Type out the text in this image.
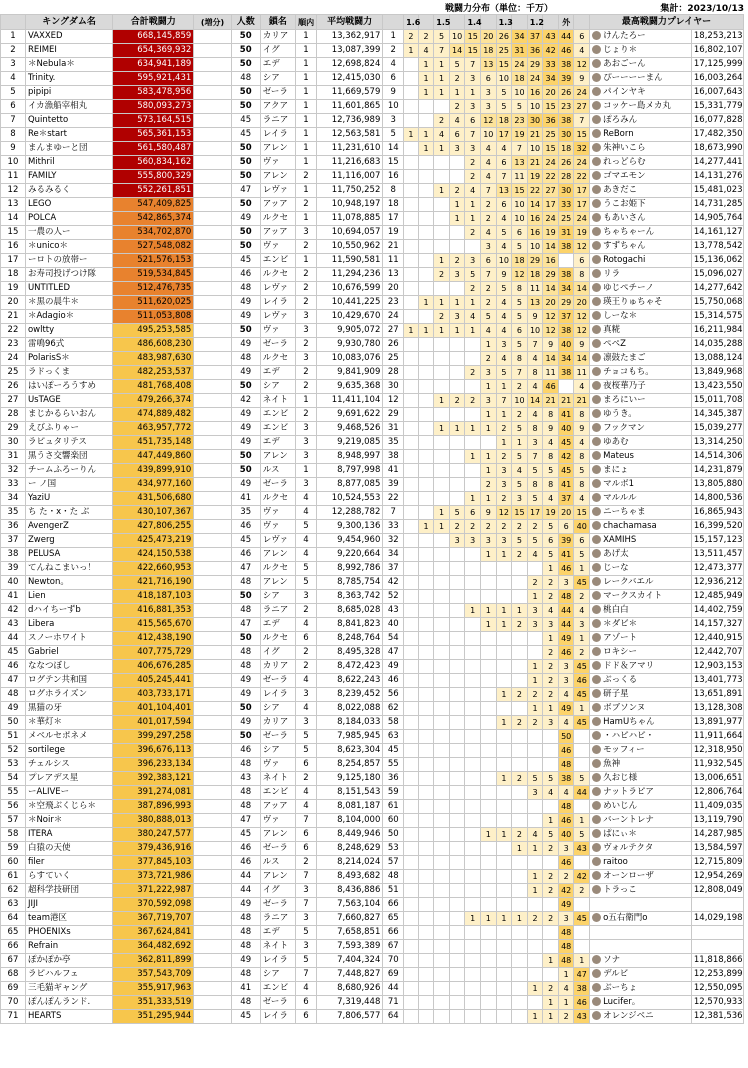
戦闘力分布（単位：千万）	集計：2023/10/13
	キングダム名	合計戦闘力	(増分)	人数	鎖名	順内	平均戦闘力		1.6		1.5		1.4		1.3		1.2		外		最高戦闘力プレイヤー	
1	VAXXED	668,145,859		50	カリア	1	13,362,917	1	2	2	5	10	15	20	26	34	37	43	44	6	けんたろー	18,253,213
2	REIMEI	654,369,932		50	イグ	1	13,087,399	2	1	4	7	14	15	18	25	31	36	42	46	4	じょり＊	16,802,107
3	＊Nebula＊	634,941,189		50	エデ	1	12,698,824	4		1	1	5	7	13	15	24	29	33	38	12	あおごーん	17,125,999
4	Trinity.	595,921,431		48	シア	1	12,415,030	6		1	1	2	3	6	10	18	24	34	39	9	ぴーーーーまん	16,003,264
5	pipipi	583,478,956		50	ゼーラ	1	11,669,579	9		1	1	1	1	3	5	10	16	20	26	24	パインヤキ	16,007,643
6	イカ漁船宰相丸	580,093,273		50	アクア	1	11,601,865	10				2	3	3	5	5	10	15	23	27	コッケー島メカ丸	15,331,779
7	Quintetto	573,164,515		45	ラニア	1	12,736,989	3			2	4	6	12	18	23	30	36	38	7	ぽろみん	16,077,828
8	Re＊start	565,361,153		45	レイラ	1	12,563,581	5	1	1	4	6	7	10	17	19	21	25	30	15	ReBorn	17,482,350
9	まんまゆーと団	561,580,487		50	アレン	1	11,231,610	14		1	1	3	3	4	4	7	10	15	18	32	朱神いこら	18,673,990
10	Mithril	560,834,162		50	ヴァ	1	11,216,683	15					2	4	6	13	21	24	26	24	れっどらむ	14,277,441
11	FAMILY	555,800,329		50	アレン	2	11,116,007	16					2	4	7	11	19	22	28	22	ゴマエモン	14,131,276
12	みるみるく	552,261,851		47	レヴァ	1	11,750,252	8			1	2	4	7	13	15	22	27	30	17	あきだこ	15,481,023
13	LEGO	547,409,825		50	アッア	2	10,948,197	18				1	1	2	6	10	14	17	33	17	うこお姫下	14,731,285
14	POLCA	542,865,374		49	ルクセ	1	11,078,885	17				1	1	2	4	10	16	24	25	24	もあいさん	14,905,764
15	一農の人ー	534,702,870		50	アッア	3	10,694,057	19					2	4	5	6	16	19	31	19	ちゃちゃーん	14,161,127
16	＊unico＊	527,548,082		50	ヴァ	2	10,550,962	21						3	4	5	10	14	38	12	すずちゃん	13,778,542
17	ーロトの放帯ー	521,576,153		45	エンビ	1	11,590,581	11			1	2	3	6	10	18	29	16		6	Rotogachi	15,136,062
18	お寿司投げつけ隊	519,534,845		46	ルクセ	2	11,294,236	13			2	3	5	7	9	12	18	29	38	8	リラ	15,096,027
19	UNTITLED	512,476,735		48	レヴァ	2	10,676,599	20					2	2	5	8	11	14	34	14	ゆじぺチーノ	14,277,642
20	＊黒の晨牛＊	511,620,025		49	レイラ	2	10,441,225	23		1	1	1	1	2	4	5	13	20	29	20	瑛王りゅちゃそ	15,750,068
21	＊Adagio＊	511,053,808		49	レヴァ	3	10,429,670	24			2	3	4	5	4	5	9	12	37	12	しーな＊	15,314,575
22	owltty	495,253,585		50	ヴァ	3	9,905,072	27	1	1	1	1	1	4	4	6	10	12	38	12	真糀	16,211,984
23	雷鳴96式	486,608,230		49	ゼーラ	2	9,930,780	26						1	3	5	7	9	40	9	ペペZ	14,035,288
24	PolarisS＊	483,987,630		48	ルクセ	3	10,083,076	25						2	4	8	4	14	34	14	凛鼓たまご	13,088,124
25	ラドっくま	482,253,537		49	エデ	2	9,841,909	28					2	3	5	7	8	11	38	11	チョコもち。	13,849,968
26	はいぽーろうすめ	481,768,408		50	シア	2	9,635,368	30						1	1	2	4	46		4	夜桜華乃子	13,423,550
27	UsTAGE	479,266,374		42	ネイト	1	11,411,104	12			1	2	2	3	7	10	14	21	21	21	まろにいー	15,011,708
28	まじかるらいおん	474,889,482		49	エンビ	2	9,691,622	29						1	1	2	4	8	41	8	ゆうき。	14,345,387
29	えびふりゃー	463,957,772		49	エンビ	3	9,468,526	31			1	1	1	1	2	5	8	9	40	9	フックマン	15,039,277
30	ラピュタリテス	451,735,148		49	エデ	3	9,219,085	35							1	1	3	4	45	4	ゆあむ	13,314,250
31	黒うさ交響楽団	447,449,860		50	アレン	3	8,948,997	38					1	1	2	5	7	8	42	8	Mateus	14,514,306
32	チームふろーりん	439,899,910		50	ルス	1	8,797,998	41						1	3	4	5	5	45	5	まにょ	14,231,879
33	ー ノ国	434,977,160		49	ゼーラ	3	8,877,085	39						2	3	5	8	8	41	8	マルボ1	13,805,880
34	YaziU	431,506,680		41	ルクセ	4	10,524,553	22					1	1	2	3	5	4	37	4	マルルル	14,800,536
35	ち た・x・た ぶ	430,107,367		35	ヴァ	4	12,288,782	7			1	5	6	9	12	15	17	19	20	15	ニーちゃま	16,865,943
36	AvengerZ	427,806,255		46	ヴァ	5	9,300,136	33		1	1	2	2	2	2	2	2	5	6	40	chachamasa	16,399,520
37	Zwerg	425,473,219		45	レヴァ	4	9,454,960	32				3	3	3	3	5	5	6	39	6	XAMIHS	15,157,123
38	PELUSA	424,150,538		46	アレン	4	9,220,664	34						1	1	2	4	5	41	5	あげ太	13,511,457
39	てんねこまいっ！	422,660,953		47	ルクセ	5	8,992,786	37										1	46	1	じーな	12,473,377
40	Newton。	421,716,190		48	アレン	5	8,785,754	42									2	2	3	45	レークバエル	12,936,212
41	Lien	418,187,103		50	シア	3	8,363,742	52									1	2	48	2	マークスカイト	12,485,949
42	dハイちーずb	416,881,353		48	ラニア	2	8,685,028	43					1	1	1	1	3	4	44	4	桃白白	14,402,759
43	Libera	415,565,670		47	エデ	4	8,841,823	40						1	1	2	3	3	44	3	＊ダビ＊	14,157,327
44	スノーホワイト	412,438,190		50	ルクセ	6	8,248,764	54										1	49	1	アゾート	12,440,915
45	Gabriel	407,775,729		48	イグ	2	8,495,328	47										2	46	2	ロキシー	12,442,707
46	ななつぼし	406,676,285		48	カリア	2	8,472,423	49									1	2	3	45	ドド＆アマリ	12,903,153
47	ログテン共和国	405,245,441		49	ゼーラ	4	8,622,243	46									1	2	3	46	ぶっくる	13,401,773
48	ログホライズン	403,733,171		49	レイラ	3	8,239,452	56							1	2	2	2	4	45	研子星	13,651,891
49	黒猫の牙	401,104,401		50	シア	4	8,022,088	62									1	1	49	1	ボブソンヌ	13,128,308
50	＊華灯＊	401,017,594		49	カリア	3	8,184,033	58							1	2	2	3	4	45	HamUちゃん	13,891,977
51	メベルセポネメ	399,297,258		50	ゼーラ	5	7,985,945	63											50		・ハピハピ・	11,911,664
52	sortilege	396,676,113		46	シア	5	8,623,304	45											46		モッフィー	12,318,950
53	チェルシス	396,233,134		48	ヴァ	6	8,254,857	55											48		魚神	11,932,545
54	プレアデス星	392,383,121		43	ネイト	2	9,125,180	36							1	2	5	5	38	5	久おじ様	13,006,651
55	ーALIVEー	391,274,081		48	エンビ	4	8,151,543	59									3	4	4	44	ナットラピア	12,806,764
56	＊空飛ぶくじら＊	387,896,993		48	アッア	4	8,081,187	61											48		めいじん	11,409,035
57	＊Noir＊	380,888,013		47	ヴァ	7	8,104,000	60										1	46	1	バーントレナ	13,119,790
58	ITERA	380,247,577		45	アレン	6	8,449,946	50						1	1	2	4	5	40	5	ぱにぃ＊	14,287,985
59	白猿の天使	379,436,916		46	ゼーラ	6	8,248,629	53								1	1	2	3	43	ヴォルテクタ	13,584,597
60	filer	377,845,103		46	ルス	2	8,214,024	57											46		raitoo	12,715,809
61	らすていく	373,721,986		44	アレン	7	8,493,682	48									1	2	2	42	オーンローザ	12,954,269
62	超科学技研団	371,222,987		44	イグ	3	8,436,886	51									1	2	42	2	トラっこ	12,808,049
63	JIJI	370,592,098		49	ゼーラ	7	7,563,104	66											49			
64	team港区	367,719,707		48	ラニア	3	7,660,827	65					1	1	1	1	2	2	3	45	o五右衛門o	14,029,198
65	PHOENIXs	367,624,841		48	エデ	5	7,658,851	66											48			
66	Refrain	364,482,692		48	ネイト	3	7,593,389	67											48			
67	ぽかぽか亭	362,811,899		49	レイラ	5	7,404,324	70										1	48	1	ソナ	11,818,866
68	ラピハルフェ	357,543,709		48	シア	7	7,448,827	69											1	47	デルビ	12,253,899
69	三毛猫ギャング	355,917,963		41	エンビ	4	8,680,926	44									1	2	4	38	ぶーちょ	12,550,095
70	ぽんぽんランド.	351,333,519		48	ゼーラ	6	7,319,448	71										1	1	46	Lucifer。	12,570,933
71	HEARTS	351,295,944		45	レイラ	6	7,806,577	64									1	1	2	43	オレンジベニ	12,381,536
